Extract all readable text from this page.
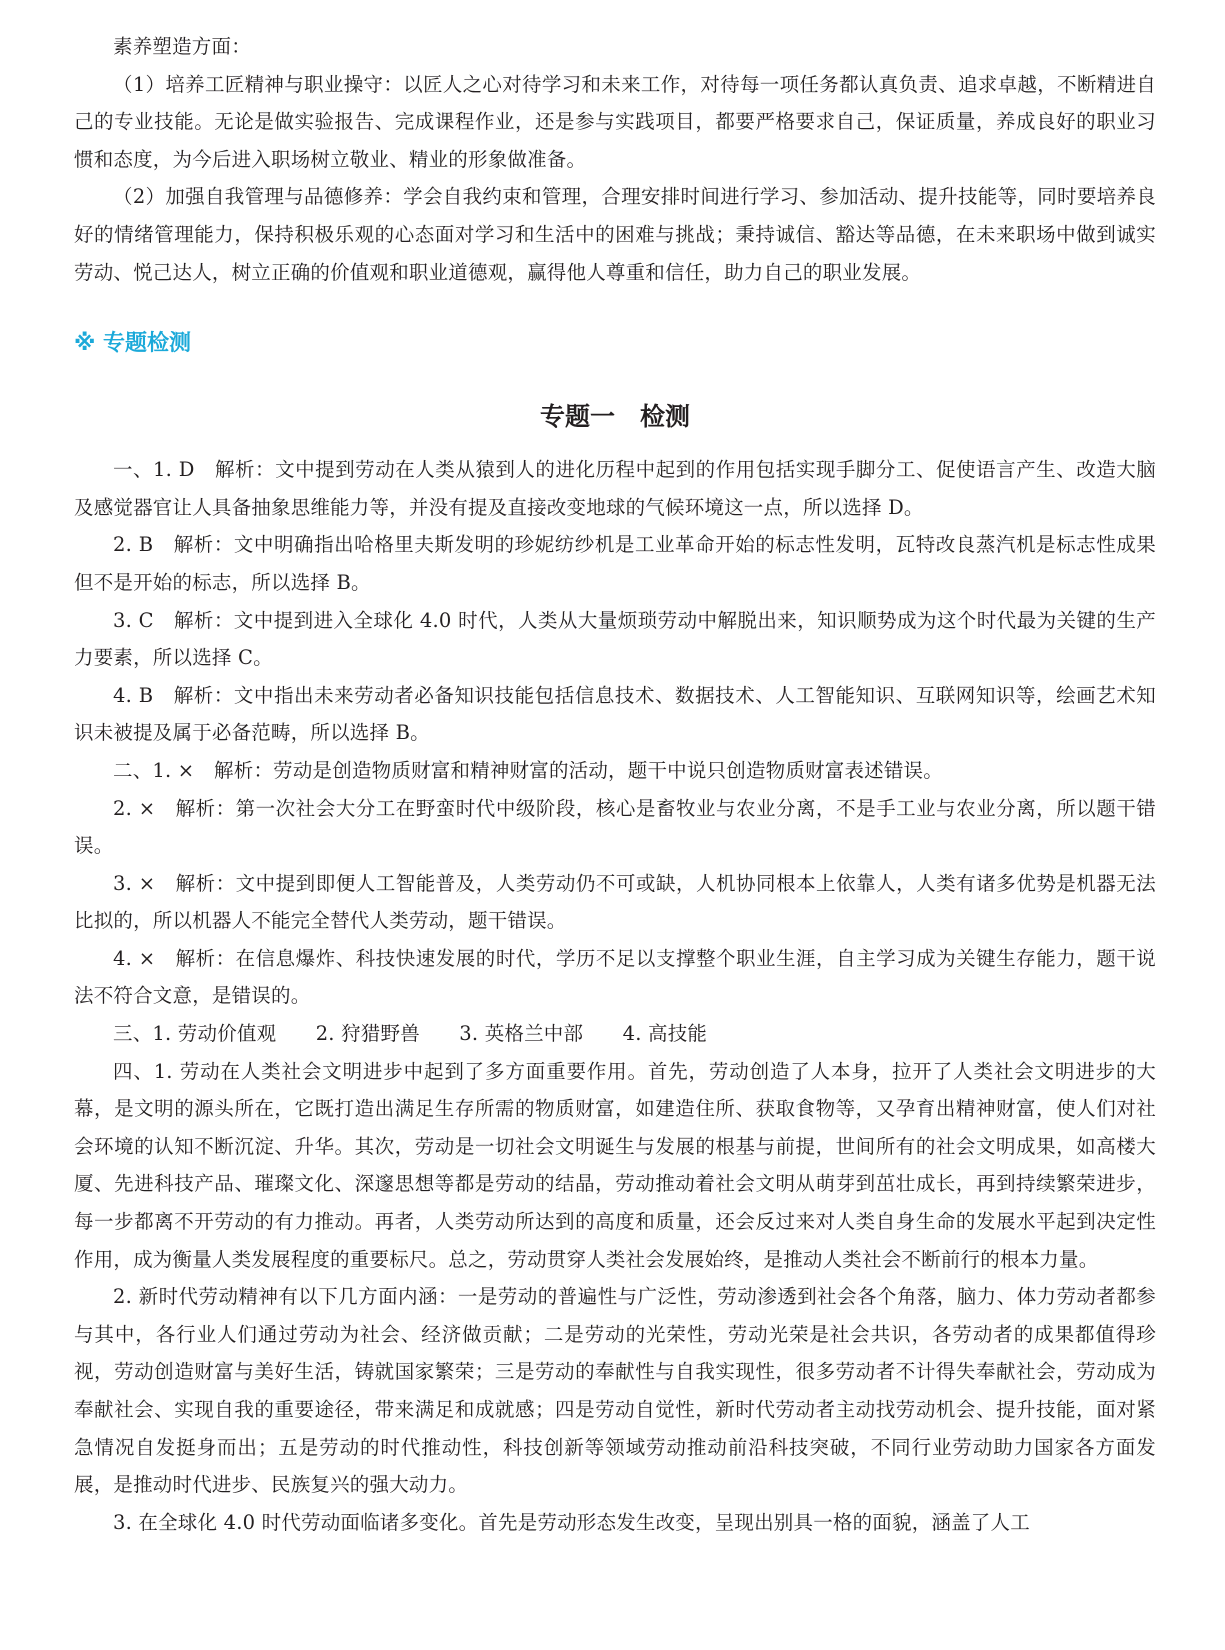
素养塑造方面：

（1）培养工匠精神与职业操守：以匠人之心对待学习和未来工作，对待每一项任务都认真负责、追求卓越，不断精进自己的专业技能。无论是做实验报告、完成课程作业，还是参与实践项目，都要严格要求自己，保证质量，养成良好的职业习惯和态度，为今后进入职场树立敬业、精业的形象做准备。

（2）加强自我管理与品德修养：学会自我约束和管理，合理安排时间进行学习、参加活动、提升技能等，同时要培养良好的情绪管理能力，保持积极乐观的心态面对学习和生活中的困难与挑战；秉持诚信、豁达等品德，在未来职场中做到诚实劳动、悦己达人，树立正确的价值观和职业道德观，赢得他人尊重和信任，助力自己的职业发展。

※ 专题检测
专题一　检测

一、1. D　解析：文中提到劳动在人类从猿到人的进化历程中起到的作用包括实现手脚分工、促使语言产生、改造大脑及感觉器官让人具备抽象思维能力等，并没有提及直接改变地球的气候环境这一点，所以选择 D。

2. B　解析：文中明确指出哈格里夫斯发明的珍妮纺纱机是工业革命开始的标志性发明，瓦特改良蒸汽机是标志性成果但不是开始的标志，所以选择 B。

3. C　解析：文中提到进入全球化 4.0 时代，人类从大量烦琐劳动中解脱出来，知识顺势成为这个时代最为关键的生产力要素，所以选择 C。

4. B　解析：文中指出未来劳动者必备知识技能包括信息技术、数据技术、人工智能知识、互联网知识等，绘画艺术知识未被提及属于必备范畴，所以选择 B。

二、1. ×　解析：劳动是创造物质财富和精神财富的活动，题干中说只创造物质财富表述错误。

2. ×　解析：第一次社会大分工在野蛮时代中级阶段，核心是畜牧业与农业分离，不是手工业与农业分离，所以题干错误。

3. ×　解析：文中提到即便人工智能普及，人类劳动仍不可或缺，人机协同根本上依靠人，人类有诸多优势是机器无法比拟的，所以机器人不能完全替代人类劳动，题干错误。

4. ×　解析：在信息爆炸、科技快速发展的时代，学历不足以支撑整个职业生涯，自主学习成为关键生存能力，题干说法不符合文意，是错误的。

三、1. 劳动价值观　　2. 狩猎野兽　　3. 英格兰中部　　4. 高技能

四、1. 劳动在人类社会文明进步中起到了多方面重要作用。首先，劳动创造了人本身，拉开了人类社会文明进步的大幕，是文明的源头所在，它既打造出满足生存所需的物质财富，如建造住所、获取食物等，又孕育出精神财富，使人们对社会环境的认知不断沉淀、升华。其次，劳动是一切社会文明诞生与发展的根基与前提，世间所有的社会文明成果，如高楼大厦、先进科技产品、璀璨文化、深邃思想等都是劳动的结晶，劳动推动着社会文明从萌芽到茁壮成长，再到持续繁荣进步，每一步都离不开劳动的有力推动。再者，人类劳动所达到的高度和质量，还会反过来对人类自身生命的发展水平起到决定性作用，成为衡量人类发展程度的重要标尺。总之，劳动贯穿人类社会发展始终，是推动人类社会不断前行的根本力量。

2. 新时代劳动精神有以下几方面内涵：一是劳动的普遍性与广泛性，劳动渗透到社会各个角落，脑力、体力劳动者都参与其中，各行业人们通过劳动为社会、经济做贡献；二是劳动的光荣性，劳动光荣是社会共识，各劳动者的成果都值得珍视，劳动创造财富与美好生活，铸就国家繁荣；三是劳动的奉献性与自我实现性，很多劳动者不计得失奉献社会，劳动成为奉献社会、实现自我的重要途径，带来满足和成就感；四是劳动自觉性，新时代劳动者主动找劳动机会、提升技能，面对紧急情况自发挺身而出；五是劳动的时代推动性，科技创新等领域劳动推动前沿科技突破，不同行业劳动助力国家各方面发展，是推动时代进步、民族复兴的强大动力。

3. 在全球化 4.0 时代劳动面临诸多变化。首先是劳动形态发生改变，呈现出别具一格的面貌，涵盖了人工
